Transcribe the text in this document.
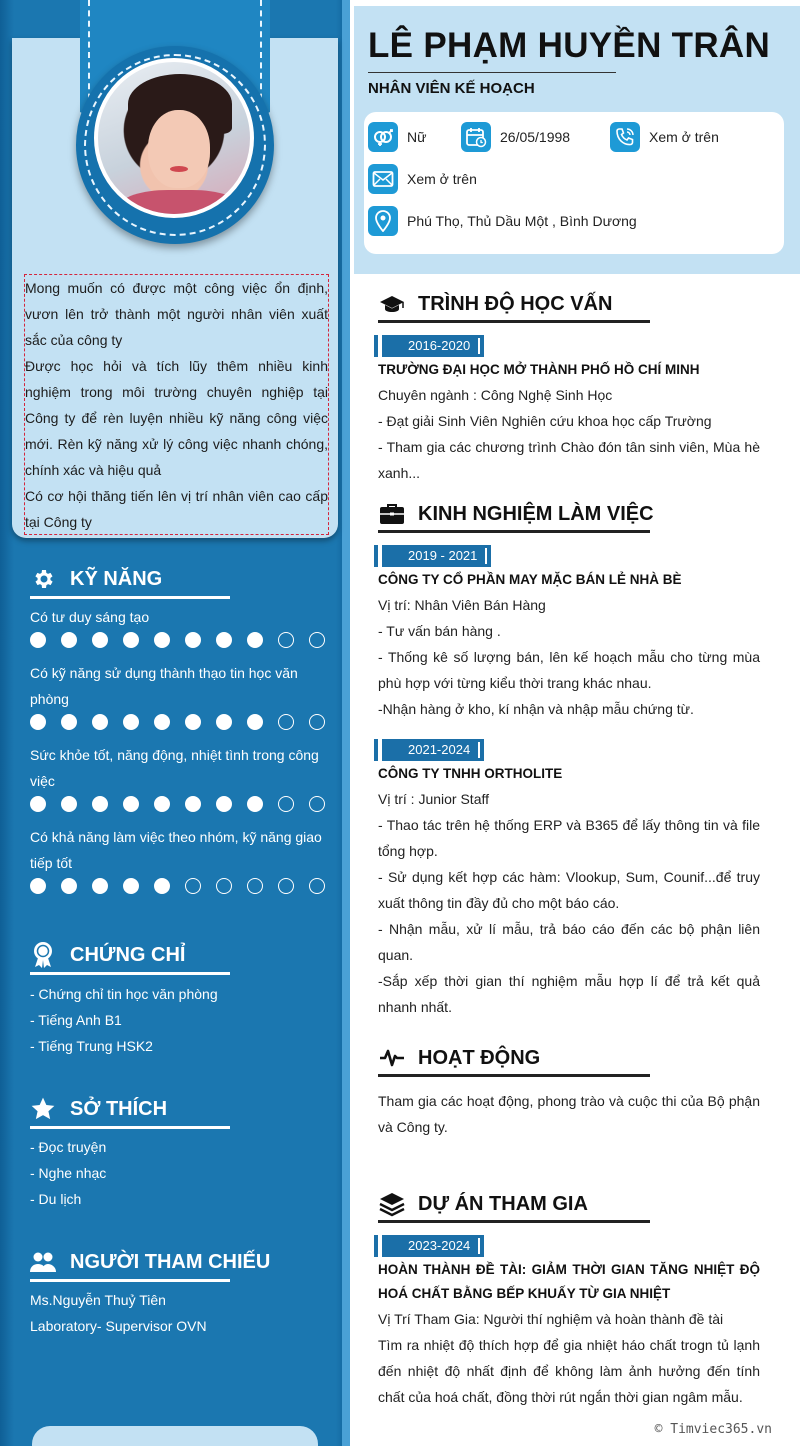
Mong muốn có được một công việc ổn định, vươn lên trở thành một người nhân viên xuất sắc của công ty

Được học hỏi và tích lũy thêm nhiều kinh nghiệm trong môi trường chuyên nghiệp tại Công ty để rèn luyện nhiều kỹ năng công việc mới. Rèn kỹ năng xử lý công việc nhanh chóng, chính xác và hiệu quả

Có cơ hội thăng tiến lên vị trí nhân viên cao cấp tại Công ty

KỸ NĂNG
Có tư duy sáng tạo
Có kỹ năng sử dụng thành thạo tin học văn phòng
Sức khỏe tốt, năng động, nhiệt tình trong công việc
Có khả năng làm việc theo nhóm, kỹ năng giao tiếp tốt
CHỨNG CHỈ
- Chứng chỉ tin học văn phòng
- Tiếng Anh B1
- Tiếng Trung HSK2
SỞ THÍCH
- Đọc truyện
- Nghe nhạc
- Du lịch
NGƯỜI THAM CHIẾU
Ms.Nguyễn Thuỷ Tiên
Laboratory- Supervisor OVN
LÊ PHẠM HUYỀN TRÂN
NHÂN VIÊN KẾ HOẠCH
Nữ	26/05/1998	Xem ở trên
Xem ở trên
Phú Thọ, Thủ Dầu Một , Bình Dương
TRÌNH ĐỘ HỌC VẤN
2016-2020
TRƯỜNG ĐẠI HỌC MỞ THÀNH PHỐ HỒ CHÍ MINH

Chuyên ngành : Công Nghệ Sinh Học

- Đạt giải Sinh Viên Nghiên cứu khoa học cấp Trường

- Tham gia các chương trình Chào đón tân sinh viên, Mùa hè xanh...

KINH NGHIỆM LÀM VIỆC
2019 - 2021
CÔNG TY CỔ PHẦN MAY MẶC BÁN LẺ NHÀ BÈ

Vị trí: Nhân Viên Bán Hàng

- Tư vấn bán hàng .

- Thống kê số lượng bán, lên kế hoạch mẫu cho từng mùa phù hợp với từng kiểu thời trang khác nhau.

-Nhận hàng ở kho, kí nhận và nhập mẫu chứng từ.

2021-2024
CÔNG TY TNHH ORTHOLITE

Vị trí : Junior Staff

- Thao tác trên hệ thống ERP và B365 để lấy thông tin và file tổng hợp.

- Sử dụng kết hợp các hàm: Vlookup, Sum, Counif...để truy xuất thông tin đầy đủ cho một báo cáo.

- Nhận mẫu, xử lí mẫu, trả báo cáo đến các bộ phận liên quan.

-Sắp xếp thời gian thí nghiệm mẫu hợp lí để trả kết quả nhanh nhất.

HOẠT ĐỘNG
Tham gia các hoạt động, phong trào và cuộc thi của Bộ phận và Công ty.
DỰ ÁN THAM GIA
2023-2024
HOÀN THÀNH ĐỀ TÀI: GIẢM THỜI GIAN TĂNG NHIỆT ĐỘ HOÁ CHẤT BẰNG BẾP KHUẤY TỪ GIA NHIỆT

Vị Trí Tham Gia: Người thí nghiệm và hoàn thành đề tài

Tìm ra nhiệt độ thích hợp để gia nhiệt háo chất trogn tủ lạnh đến nhiệt độ nhất định để không làm ảnh hưởng đến tính chất của hoá chất, đồng thời rút ngắn thời gian ngâm mẫu.

© Timviec365.vn
